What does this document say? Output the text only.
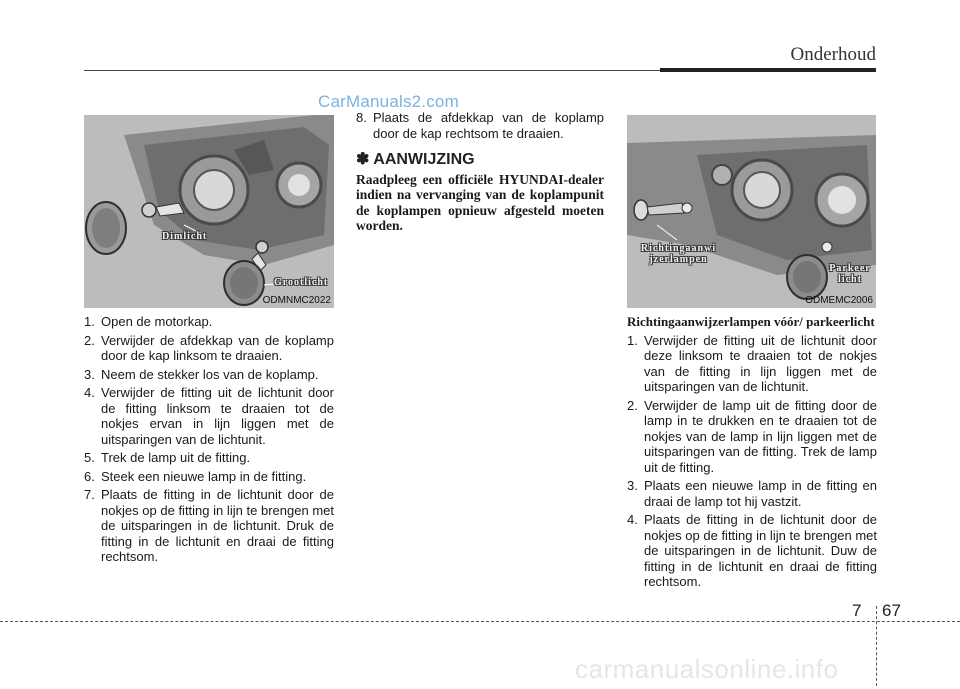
Onderhoud
CarManuals2.com
Dimlicht
Grootlicht
ODMNMC2022
Richtingaanwi jzerlampen
Parkeer licht
ODMEMC2006
1. Open de motorkap.
2. Verwijder de afdekkap van de koplamp door de kap linksom te draaien.
3. Neem de stekker los van de koplamp.
4. Verwijder de fitting uit de lichtunit door de fitting linksom te draaien tot de nokjes ervan in lijn liggen met de uitsparingen van de lichtunit.
5. Trek de lamp uit de fitting.
6. Steek een nieuwe lamp in de fitting.
7. Plaats de fitting in de lichtunit door de nokjes op de fitting in lijn te brengen met de uitsparingen in de lichtunit. Druk de fitting in de lichtunit en draai de fitting rechtsom.
8. Plaats de afdekkap van de koplamp door de kap rechtsom te draaien.
✽ AANWIJZING
Raadpleeg een officiële HYUNDAI-dealer indien na vervanging van de koplampunit de koplampen opnieuw afgesteld moeten worden.
Richtingaanwijzerlampen vóór/ parkeerlicht
1. Verwijder de fitting uit de lichtunit door deze linksom te draaien tot de nokjes van de fitting in lijn liggen met de uitsparingen van de lichtunit.
2. Verwijder de lamp uit de fitting door de lamp in te drukken en te draaien tot de nokjes van de lamp in lijn liggen met de uitsparingen van de fitting. Trek de lamp uit de fitting.
3. Plaats een nieuwe lamp in de fitting en draai de lamp tot hij vastzit.
4. Plaats de fitting in de lichtunit door de nokjes op de fitting in lijn te brengen met de uitsparingen in de lichtunit. Duw de fitting in de lichtunit en draai de fitting rechtsom.
7 67
carmanualsonline.info
